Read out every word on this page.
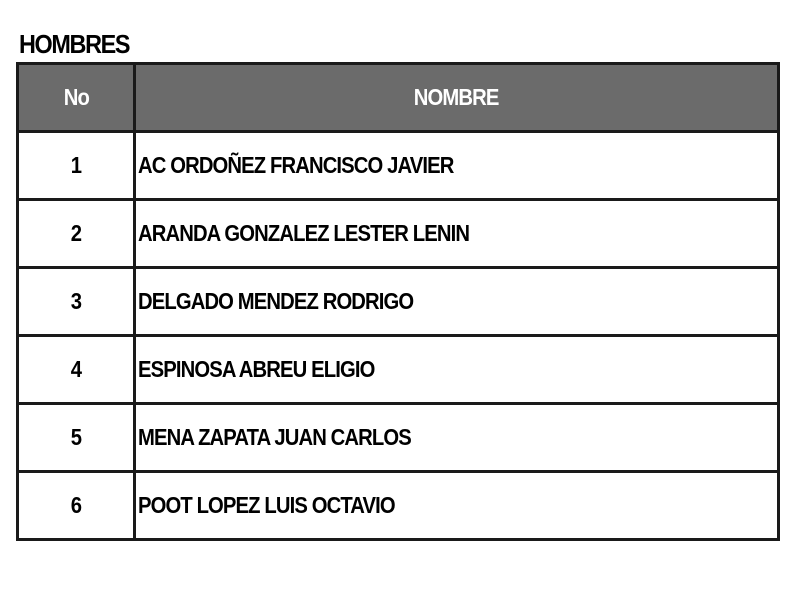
HOMBRES
No	NOMBRE
1	AC ORDOÑEZ FRANCISCO JAVIER
2	ARANDA GONZALEZ LESTER LENIN
3	DELGADO MENDEZ RODRIGO
4	ESPINOSA ABREU ELIGIO
5	MENA ZAPATA JUAN CARLOS
6	POOT LOPEZ LUIS OCTAVIO
